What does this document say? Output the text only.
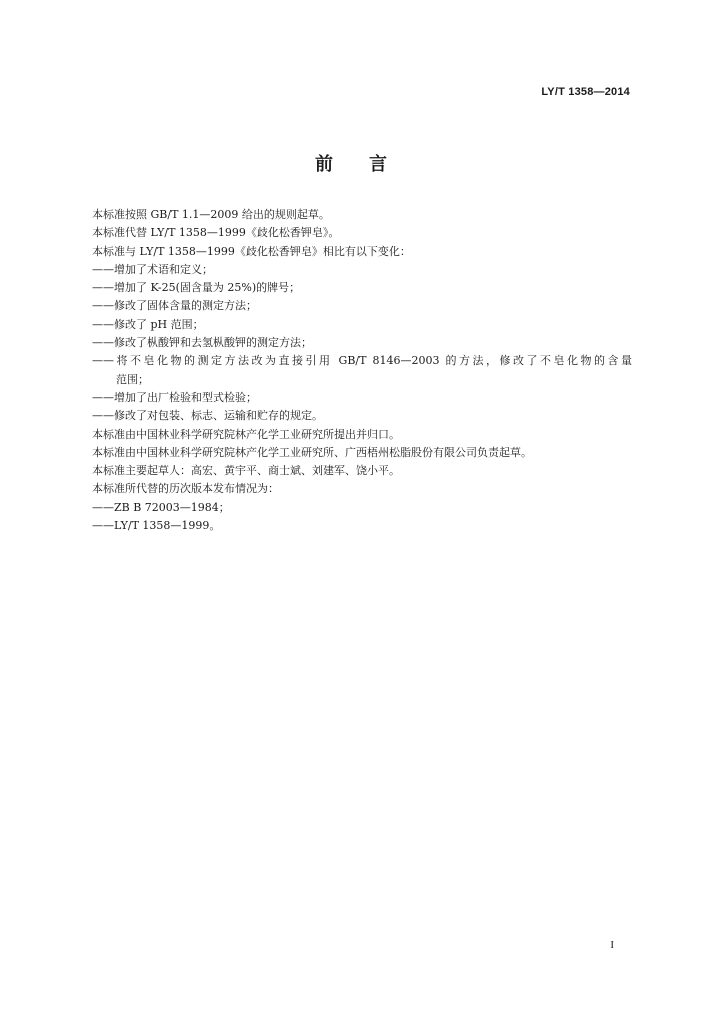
LY/T 1358—2014
前言
本标准按照 GB/T 1.1—2009 给出的规则起草。
本标准代替 LY/T 1358—1999《歧化松香钾皂》。
本标准与 LY/T 1358—1999《歧化松香钾皂》相比有以下变化：
——增加了术语和定义；
——增加了 K-25(固含量为 25%)的牌号；
——修改了固体含量的测定方法；
——修改了 pH 范围；
——修改了枞酸钾和去氢枞酸钾的测定方法；
——将不皂化物的测定方法改为直接引用 GB/T 8146—2003 的方法，修改了不皂化物的含量
范围；
——增加了出厂检验和型式检验；
——修改了对包装、标志、运输和贮存的规定。
本标准由中国林业科学研究院林产化学工业研究所提出并归口。
本标准由中国林业科学研究院林产化学工业研究所、广西梧州松脂股份有限公司负责起草。
本标准主要起草人：高宏、黄宇平、商士斌、刘建军、饶小平。
本标准所代替的历次版本发布情况为：
——ZB B 72003—1984；
——LY/T 1358—1999。
I
